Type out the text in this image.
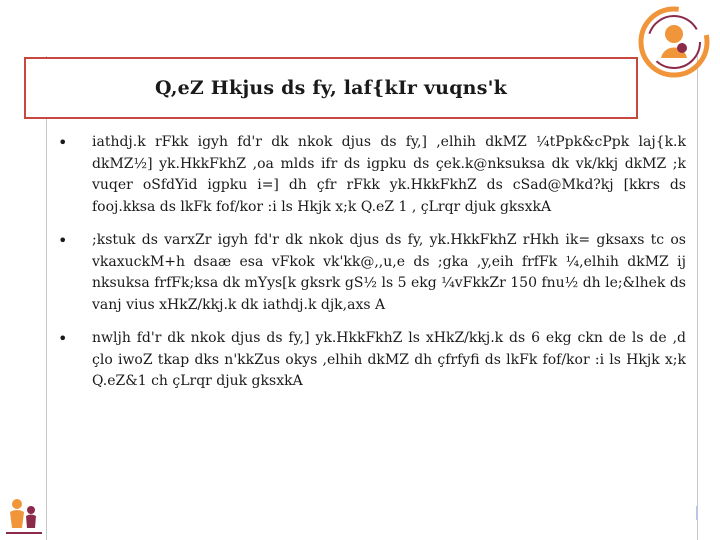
Q,eZ Hkjus ds fy, laf{kIr vuqns'k
• iathdj.k rFkk igyh fd'r dk nkok djus ds fy,] ,elhih dkMZ ¼tPpk&cPpk laj{k.k dkMZ½] yk.HkkFkhZ ,oa mlds ifr ds igpku ds çek.k@nksuksa dk vk/kkj dkMZ ;k vuqer oSfdYid igpku i=] dh çfr rFkk yk.HkkFkhZ ds cSad@Mkd?kj [kkrs ds fooj.kksa ds lkFk fof/kor :i ls Hkjk x;k Q.eZ 1 , çLrqr djuk gksxkA
• ;kstuk ds varxZr igyh fd'r dk nkok djus ds fy, yk.HkkFkhZ rHkh ik= gksaxs tc os vkaxuckM+h dsaæ esa vFkok vk'kk@,,u,e ds ;gka ,y,eih frfFk ¼,elhih dkMZ ij nksuksa frfFk;ksa dk mYys[k gksrk gS½ ls 5 ekg ¼vFkkZr 150 fnu½ dh le;&lhek ds vanj vius xHkZ/kkj.k dk iathdj.k djk,axs A
• nwljh fd'r dk nkok djus ds fy,] yk.HkkFkhZ ls xHkZ/kkj.k ds 6 ekg ckn de ls de ,d çlo iwoZ tkap dks n'kkZus okys ,elhih dkMZ dh çfrfyfi ds lkFk fof/kor :i ls Hkjk x;k Q.eZ&1 ch çLrqr djuk gksxkA
